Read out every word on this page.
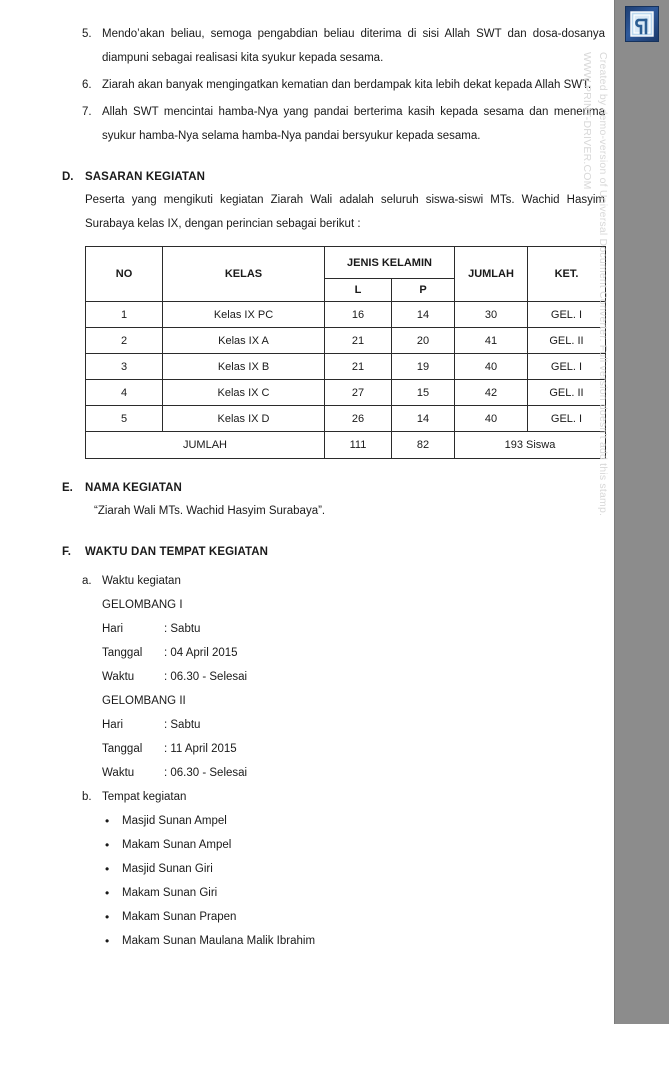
5. Mendo’akan beliau, semoga pengabdian beliau diterima di sisi Allah SWT dan dosa-dosanya diampuni sebagai realisasi kita syukur kepada sesama.
6. Ziarah akan banyak mengingatkan kematian dan berdampak kita lebih dekat kepada Allah SWT.
7. Allah SWT mencintai hamba-Nya yang pandai berterima kasih kepada sesama dan menerima syukur hamba-Nya selama hamba-Nya pandai bersyukur kepada sesama.
D.	SASARAN KEGIATAN
Peserta yang mengikuti kegiatan Ziarah Wali adalah seluruh siswa-siswi MTs. Wachid Hasyim Surabaya kelas IX, dengan perincian sebagai berikut :
NO	KELAS	JENIS KELAMIN		JUMLAH	KET.
		L	P		
1	Kelas IX PC	16	14	30	GEL. I
2	Kelas IX A	21	20	41	GEL. II
3	Kelas IX B	21	19	40	GEL. I
4	Kelas IX C	27	15	42	GEL. II
5	Kelas IX D	26	14	40	GEL. I
JUMLAH		111	82	193 Siswa	
E.	NAMA KEGIATAN
“Ziarah Wali MTs. Wachid Hasyim Surabaya”.
F.	WAKTU DAN TEMPAT KEGIATAN
a. Waktu kegiatan
GELOMBANG I
Hari	: Sabtu
Tanggal	: 04 April 2015
Waktu	: 06.30 - Selesai
GELOMBANG II
Hari	: Sabtu
Tanggal	: 11 April 2015
Waktu	: 06.30 - Selesai
b. Tempat kegiatan
•	Masjid Sunan Ampel
•	Makam Sunan Ampel
•	Masjid Sunan Giri
•	Makam Sunan Giri
•	Makam Sunan Prapen
•	Makam Sunan Maulana Malik Ibrahim
Created by demo-version of Universal Document Converter. Full version doesn't add this stamp.
WWW.PRINT-DRIVER.COM
